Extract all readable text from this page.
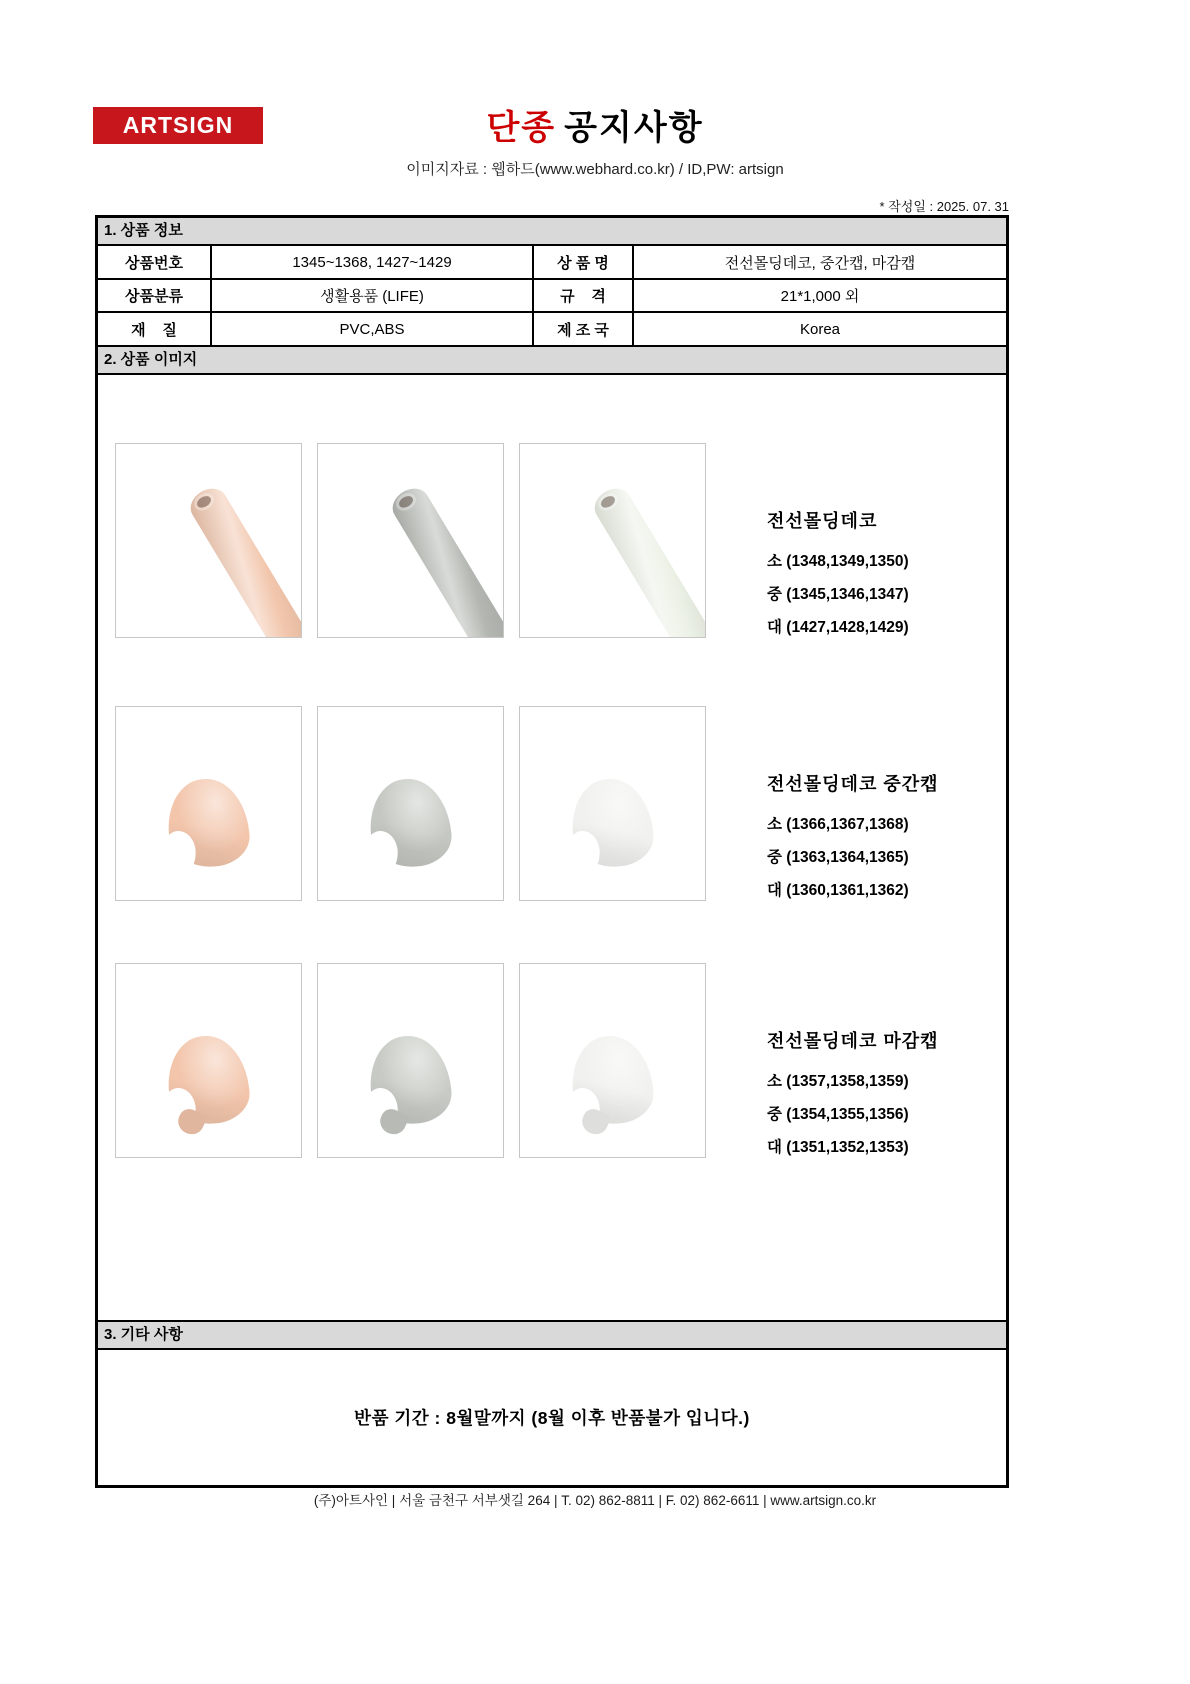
ARTSIGN	단종 공지사항
이미지자료 : 웹하드(www.webhard.co.kr) / ID,PW: artsign
* 작성일 : 2025. 07. 31
1. 상품 정보
상품번호	1345~1368, 1427~1429	상 품 명	전선몰딩데코, 중간캡, 마감캡
상품분류	생활용품 (LIFE)	규    격	21*1,000 외
재    질	PVC,ABS	제 조 국	Korea
2. 상품 이미지
전선몰딩데코
소 (1348,1349,1350)
중 (1345,1346,1347)
대 (1427,1428,1429)
전선몰딩데코 중간캡
소 (1366,1367,1368)
중 (1363,1364,1365)
대 (1360,1361,1362)
전선몰딩데코 마감캡
소 (1357,1358,1359)
중 (1354,1355,1356)
대 (1351,1352,1353)
3. 기타 사항
반품 기간 : 8월말까지 (8월 이후 반품불가 입니다.)
(주)아트사인 | 서울 금천구 서부샛길 264 | T. 02) 862-8811 | F. 02) 862-6611 | www.artsign.co.kr
